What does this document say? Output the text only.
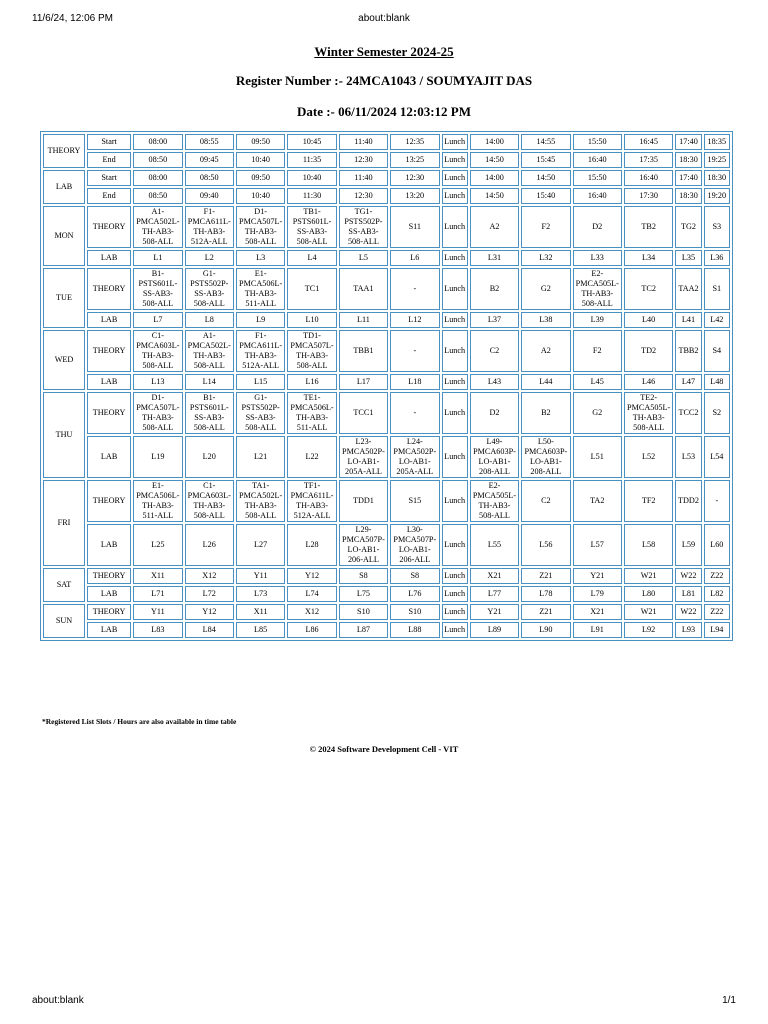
11/6/24, 12:06 PM	about:blank
Winter Semester 2024-25
Register Number :- 24MCA1043 / SOUMYAJIT DAS
Date :- 06/11/2024 12:03:12 PM
THEORY	Start	08:00	08:55	09:50	10:45	11:40	12:35	Lunch	14:00	14:55	15:50	16:45	17:40	18:35
	End	08:50	09:45	10:40	11:35	12:30	13:25	Lunch	14:50	15:45	16:40	17:35	18:30	19:25
LAB	Start	08:00	08:50	09:50	10:40	11:40	12:30	Lunch	14:00	14:50	15:50	16:40	17:40	18:30
	End	08:50	09:40	10:40	11:30	12:30	13:20	Lunch	14:50	15:40	16:40	17:30	18:30	19:20
MON	THEORY	A1-
PMCA502L-
TH-AB3-
508-ALL	F1-
PMCA611L-
TH-AB3-
512A-ALL	D1-
PMCA507L-
TH-AB3-
508-ALL	TB1-
PSTS601L-
SS-AB3-
508-ALL	TG1-
PSTS502P-
SS-AB3-
508-ALL	S11	Lunch	A2	F2	D2	TB2	TG2	S3
	LAB	L1	L2	L3	L4	L5	L6	Lunch	L31	L32	L33	L34	L35	L36
TUE	THEORY	B1-
PSTS601L-
SS-AB3-
508-ALL	G1-
PSTS502P-
SS-AB3-
508-ALL	E1-
PMCA506L-
TH-AB3-
511-ALL	TC1	TAA1	-	Lunch	B2	G2	E2-
PMCA505L-
TH-AB3-
508-ALL	TC2	TAA2	S1
	LAB	L7	L8	L9	L10	L11	L12	Lunch	L37	L38	L39	L40	L41	L42
WED	THEORY	C1-
PMCA603L-
TH-AB3-
508-ALL	A1-
PMCA502L-
TH-AB3-
508-ALL	F1-
PMCA611L-
TH-AB3-
512A-ALL	TD1-
PMCA507L-
TH-AB3-
508-ALL	TBB1	-	Lunch	C2	A2	F2	TD2	TBB2	S4
	LAB	L13	L14	L15	L16	L17	L18	Lunch	L43	L44	L45	L46	L47	L48
THU	THEORY	D1-
PMCA507L-
TH-AB3-
508-ALL	B1-
PSTS601L-
SS-AB3-
508-ALL	G1-
PSTS502P-
SS-AB3-
508-ALL	TE1-
PMCA506L-
TH-AB3-
511-ALL	TCC1	-	Lunch	D2	B2	G2	TE2-
PMCA505L-
TH-AB3-
508-ALL	TCC2	S2
	LAB	L19	L20	L21	L22	L23-
PMCA502P-
LO-AB1-
205A-ALL	L24-
PMCA502P-
LO-AB1-
205A-ALL	Lunch	L49-
PMCA603P-
LO-AB1-
208-ALL	L50-
PMCA603P-
LO-AB1-
208-ALL	L51	L52	L53	L54
FRI	THEORY	E1-
PMCA506L-
TH-AB3-
511-ALL	C1-
PMCA603L-
TH-AB3-
508-ALL	TA1-
PMCA502L-
TH-AB3-
508-ALL	TF1-
PMCA611L-
TH-AB3-
512A-ALL	TDD1	S15	Lunch	E2-
PMCA505L-
TH-AB3-
508-ALL	C2	TA2	TF2	TDD2	-
	LAB	L25	L26	L27	L28	L29-
PMCA507P-
LO-AB1-
206-ALL	L30-
PMCA507P-
LO-AB1-
206-ALL	Lunch	L55	L56	L57	L58	L59	L60
SAT	THEORY	X11	X12	Y11	Y12	S8	S8	Lunch	X21	Z21	Y21	W21	W22	Z22
	LAB	L71	L72	L73	L74	L75	L76	Lunch	L77	L78	L79	L80	L81	L82
SUN	THEORY	Y11	Y12	X11	X12	S10	S10	Lunch	Y21	Z21	X21	W21	W22	Z22
	LAB	L83	L84	L85	L86	L87	L88	Lunch	L89	L90	L91	L92	L93	L94
*Registered List Slots / Hours are also available in time table
© 2024 Software Development Cell - VIT
about:blank	1/1
